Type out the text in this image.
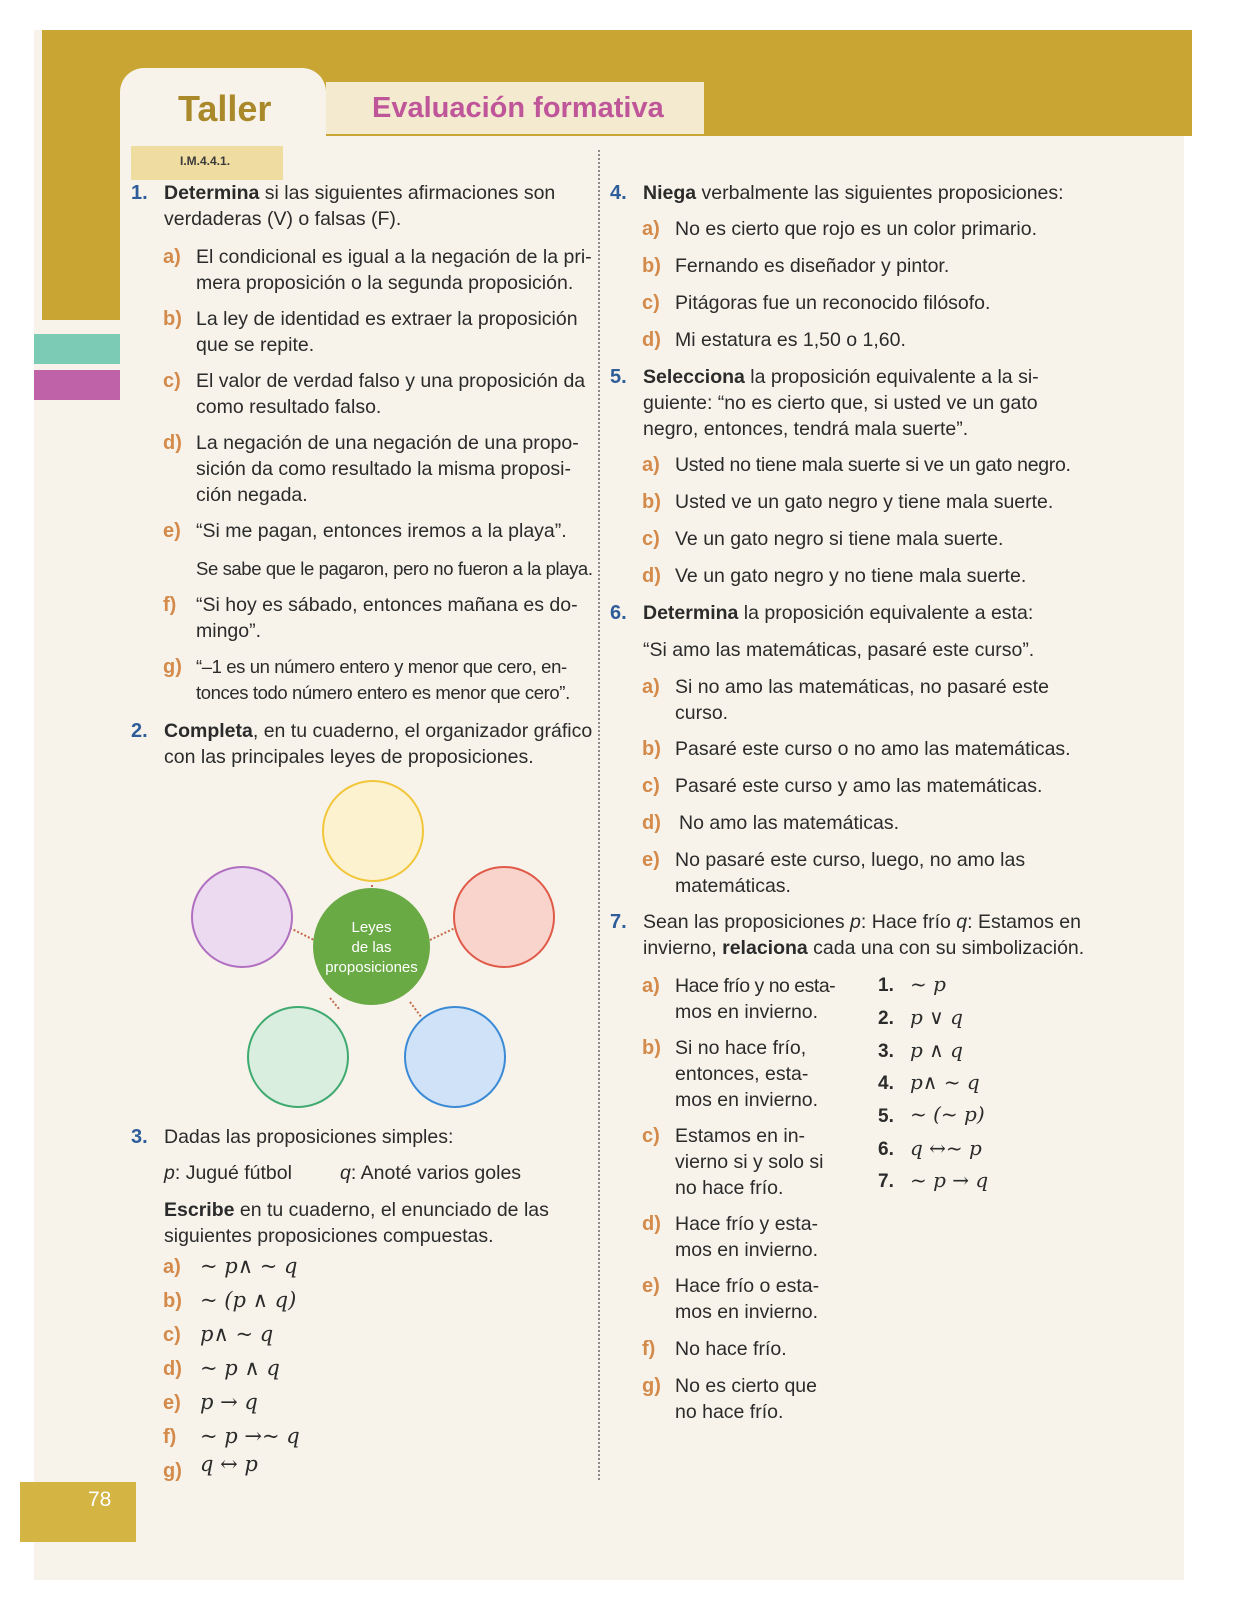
Taller	Evaluación formativa
78
I.M.4.4.1.
1. Determina si las siguientes afirmaciones son
verdaderas (V) o falsas (F).
a) El condicional es igual a la negación de la pri-
mera proposición o la segunda proposición.
b) La ley de identidad es extraer la proposición
que se repite.
c) El valor de verdad falso y una proposición da
como resultado falso.
d) La negación de una negación de una propo-
sición da como resultado la misma proposi-
ción negada.
e) “Si me pagan, entonces iremos a la playa”.
Se sabe que le pagaron, pero no fueron a la playa.
f) “Si hoy es sábado, entonces mañana es do-
mingo”.
g) “–1 es un número entero y menor que cero, en-
tonces todo número entero es menor que cero”.
2. Completa, en tu cuaderno, el organizador gráfico
con las principales leyes de proposiciones.
Leyes
de las
proposiciones
3. Dadas las proposiciones simples:
p: Jugué fútbol q: Anoté varios goles
Escribe en tu cuaderno, el enunciado de las
siguientes proposiciones compuestas.
a) ~ p∧ ~ q
b) ~ (p ∧ q)
c) p∧ ~ q
d) ~ p ∧ q
e) p → q
f) ~ p →~ q
g) q ↔ p
4. Niega verbalmente las siguientes proposiciones:
a) No es cierto que rojo es un color primario.
b) Fernando es diseñador y pintor.
c) Pitágoras fue un reconocido filósofo.
d) Mi estatura es 1,50 o 1,60.
5. Selecciona la proposición equivalente a la si-
guiente: “no es cierto que, si usted ve un gato
negro, entonces, tendrá mala suerte”.
a) Usted no tiene mala suerte si ve un gato negro.
b) Usted ve un gato negro y tiene mala suerte.
c) Ve un gato negro si tiene mala suerte.
d) Ve un gato negro y no tiene mala suerte.
6. Determina la proposición equivalente a esta:
“Si amo las matemáticas, pasaré este curso”.
a) Si no amo las matemáticas, no pasaré este
curso.
b) Pasaré este curso o no amo las matemáticas.
c) Pasaré este curso y amo las matemáticas.
d) No amo las matemáticas.
e) No pasaré este curso, luego, no amo las
matemáticas.
7. Sean las proposiciones p: Hace frío q: Estamos en
invierno, relaciona cada una con su simbolización.
a) Hace frío y no esta-
mos en invierno.
b) Si no hace frío,
entonces, esta-
mos en invierno.
c) Estamos en in-
vierno si y solo si
no hace frío.
d) Hace frío y esta-
mos en invierno.
e) Hace frío o esta-
mos en invierno.
f) No hace frío.
g) No es cierto que
no hace frío.
1. ~ p
2. p ∨ q
3. p ∧ q
4. p∧ ~ q
5. ~ (~ p)
6. q ↔~ p
7. ~ p → q
